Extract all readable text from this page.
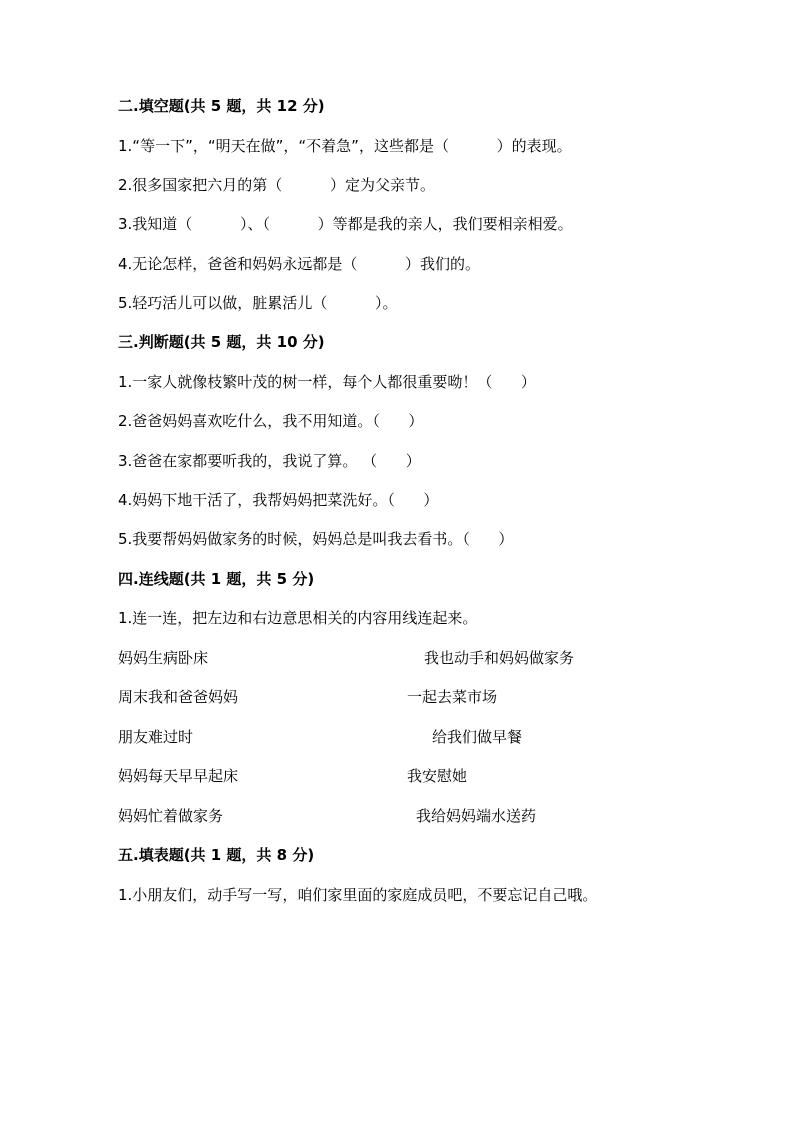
二.填空题(共 5 题，共 12 分)
1.“等一下”，“明天在做”，“不着急”，这些都是（          ）的表现。
2.很多国家把六月的第（          ）定为父亲节。
3.我知道（          ）、（          ）等都是我的亲人，我们要相亲相爱。
4.无论怎样，爸爸和妈妈永远都是（          ）我们的。
5.轻巧活儿可以做，脏累活儿（          ）。
三.判断题(共 5 题，共 10 分)
1.一家人就像枝繁叶茂的树一样，每个人都很重要呦！（      ）
2.爸爸妈妈喜欢吃什么，我不用知道。（      ）
3.爸爸在家都要听我的，我说了算。 （      ）
4.妈妈下地干活了，我帮妈妈把菜洗好。（      ）
5.我要帮妈妈做家务的时候，妈妈总是叫我去看书。（      ）
四.连线题(共 1 题，共 5 分)
1.连一连，把左边和右边意思相关的内容用线连起来。
妈妈生病卧床	我也动手和妈妈做家务
周末我和爸爸妈妈	一起去菜市场
朋友难过时	给我们做早餐
妈妈每天早早起床	我安慰她
妈妈忙着做家务	我给妈妈端水送药
五.填表题(共 1 题，共 8 分)
1.小朋友们，动手写一写，咱们家里面的家庭成员吧，不要忘记自己哦。
